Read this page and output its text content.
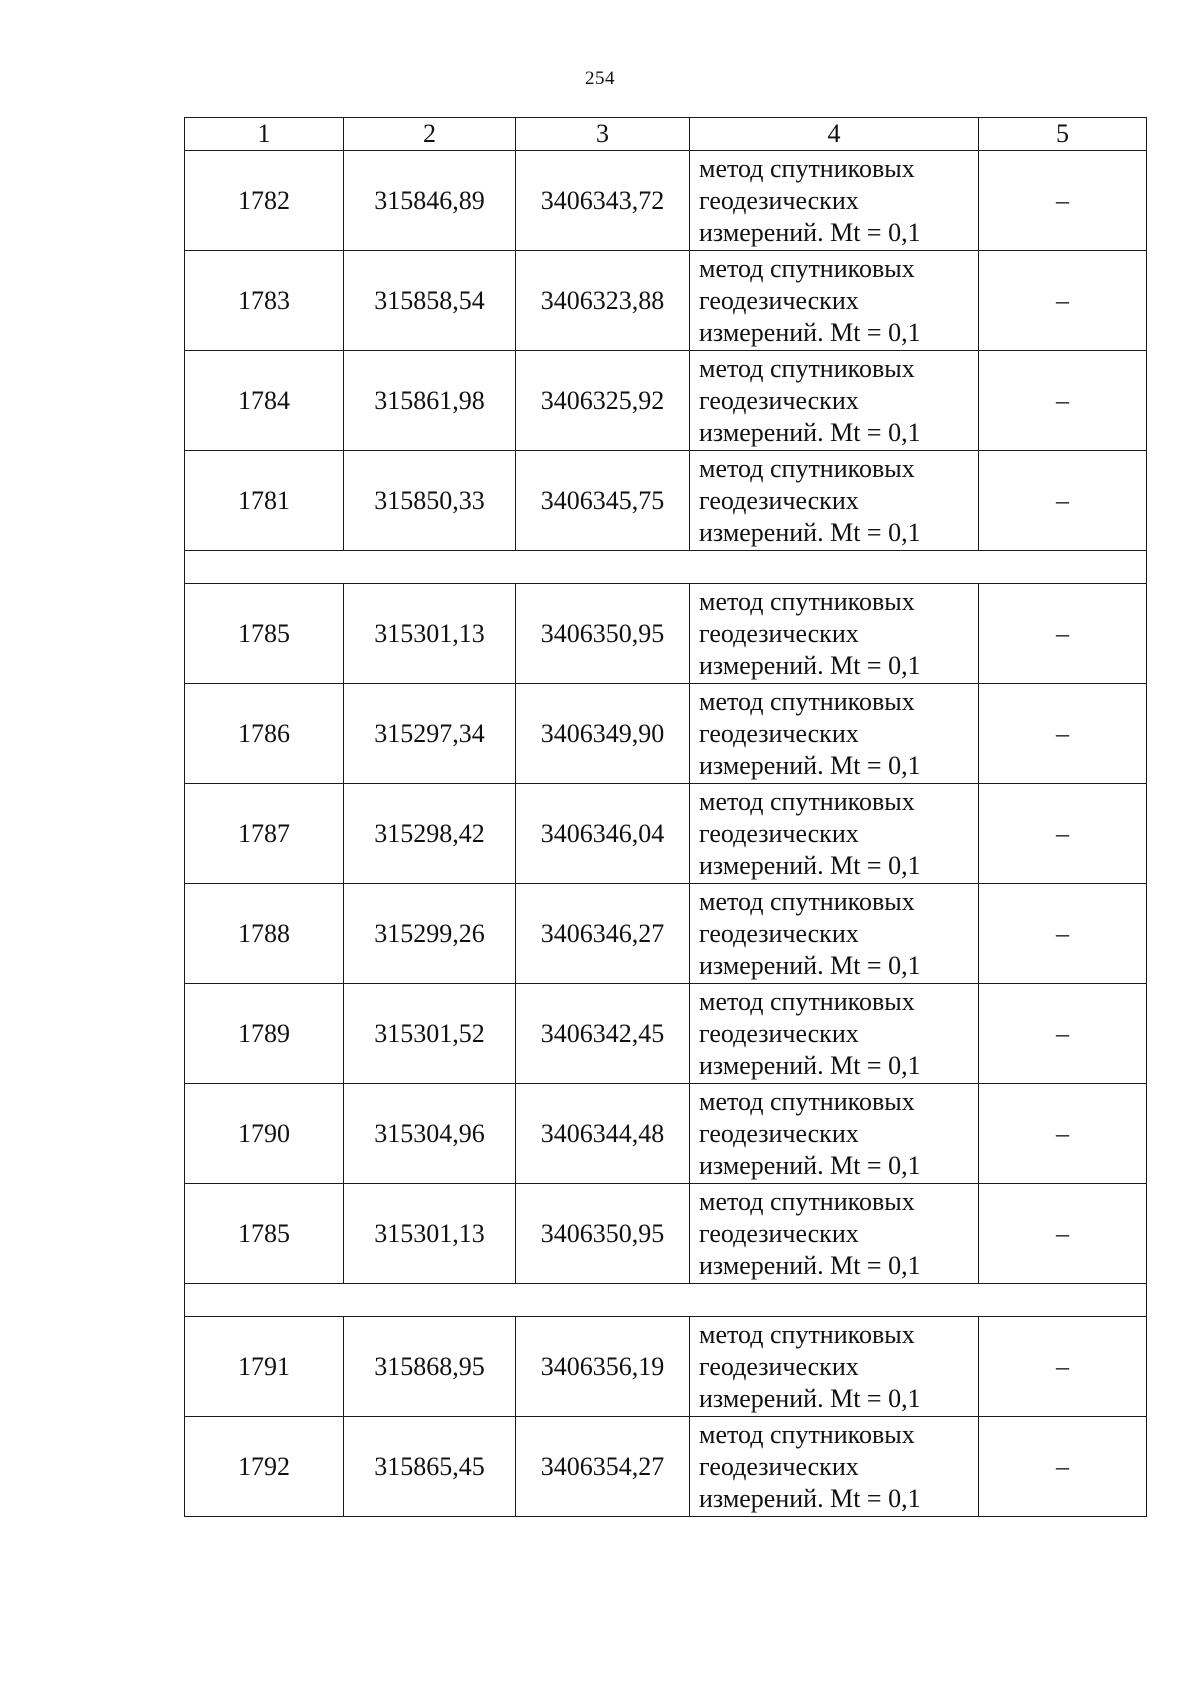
254
1	2	3	4	5
1782	315846,89	3406343,72	метод спутниковых
геодезических
измерений. Mt = 0,1	–
1783	315858,54	3406323,88	метод спутниковых
геодезических
измерений. Mt = 0,1	–
1784	315861,98	3406325,92	метод спутниковых
геодезических
измерений. Mt = 0,1	–
1781	315850,33	3406345,75	метод спутниковых
геодезических
измерений. Mt = 0,1	–

1785	315301,13	3406350,95	метод спутниковых
геодезических
измерений. Mt = 0,1	–
1786	315297,34	3406349,90	метод спутниковых
геодезических
измерений. Mt = 0,1	–
1787	315298,42	3406346,04	метод спутниковых
геодезических
измерений. Mt = 0,1	–
1788	315299,26	3406346,27	метод спутниковых
геодезических
измерений. Mt = 0,1	–
1789	315301,52	3406342,45	метод спутниковых
геодезических
измерений. Mt = 0,1	–
1790	315304,96	3406344,48	метод спутниковых
геодезических
измерений. Mt = 0,1	–
1785	315301,13	3406350,95	метод спутниковых
геодезических
измерений. Mt = 0,1	–

1791	315868,95	3406356,19	метод спутниковых
геодезических
измерений. Mt = 0,1	–
1792	315865,45	3406354,27	метод спутниковых
геодезических
измерений. Mt = 0,1	–
